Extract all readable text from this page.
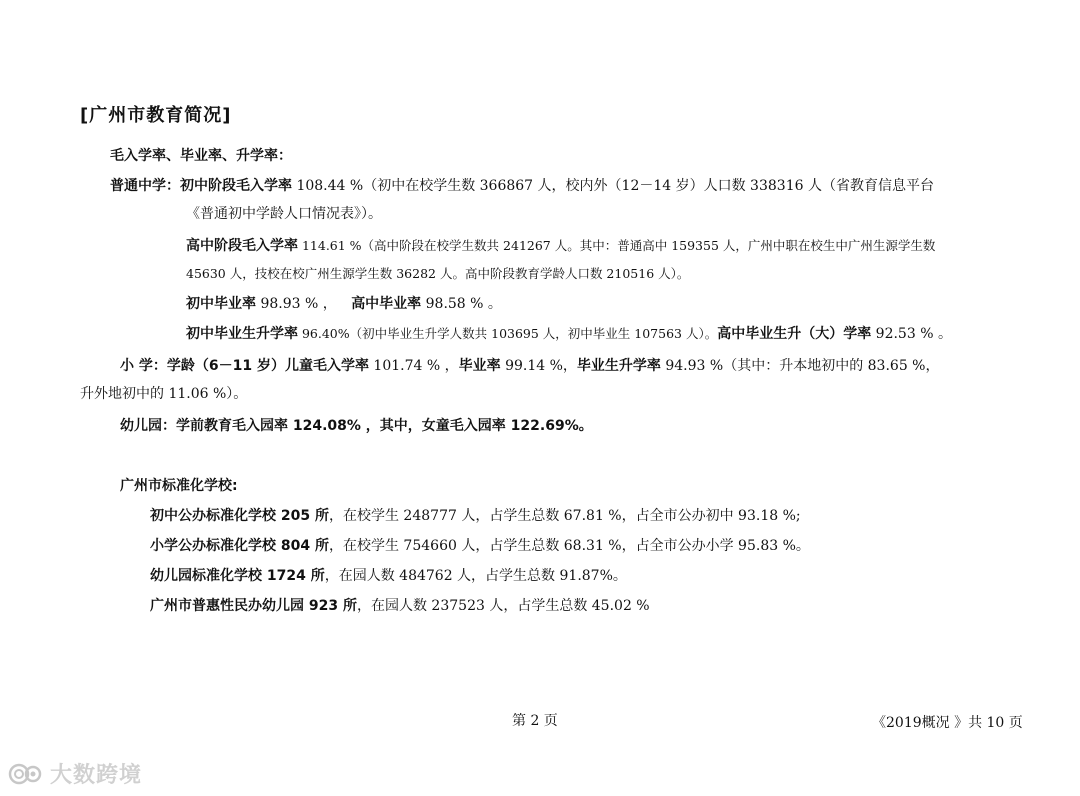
[广州市教育简况]
毛入学率、毕业率、升学率：
普通中学：初中阶段毛入学率 108.44 %（初中在校学生数 366867 人，校内外（12－14 岁）人口数 338316 人（省教育信息平台
《普通初中学龄人口情况表》）。
高中阶段毛入学率 114.61 %（高中阶段在校学生数共 241267 人。其中：普通高中 159355 人，广州中职在校生中广州生源学生数
45630 人，技校在校广州生源学生数 36282 人。高中阶段教育学龄人口数 210516 人）。
初中毕业率 98.93 % ， 高中毕业率 98.58 % 。
初中毕业生升学率 96.40%（初中毕业生升学人数共 103695 人，初中毕业生 107563 人）。高中毕业生升（大）学率 92.53 % 。
小 学：学龄（6－11 岁）儿童毛入学率 101.74 % ，毕业率 99.14 %，毕业生升学率 94.93 %（其中：升本地初中的 83.65 %，
升外地初中的 11.06 %）。
幼儿园：学前教育毛入园率 124.08% ，其中，女童毛入园率 122.69%。
广州市标准化学校:
初中公办标准化学校 205 所，在校学生 248777 人，占学生总数 67.81 %，占全市公办初中 93.18 %;
小学公办标准化学校 804 所，在校学生 754660 人，占学生总数 68.31 %，占全市公办小学 95.83 %。
幼儿园标准化学校 1724 所，在园人数 484762 人，占学生总数 91.87%。
广州市普惠性民办幼儿园 923 所，在园人数 237523 人，占学生总数 45.02 %
第 2 页	《2019概况 》共 10 页
大数跨境
